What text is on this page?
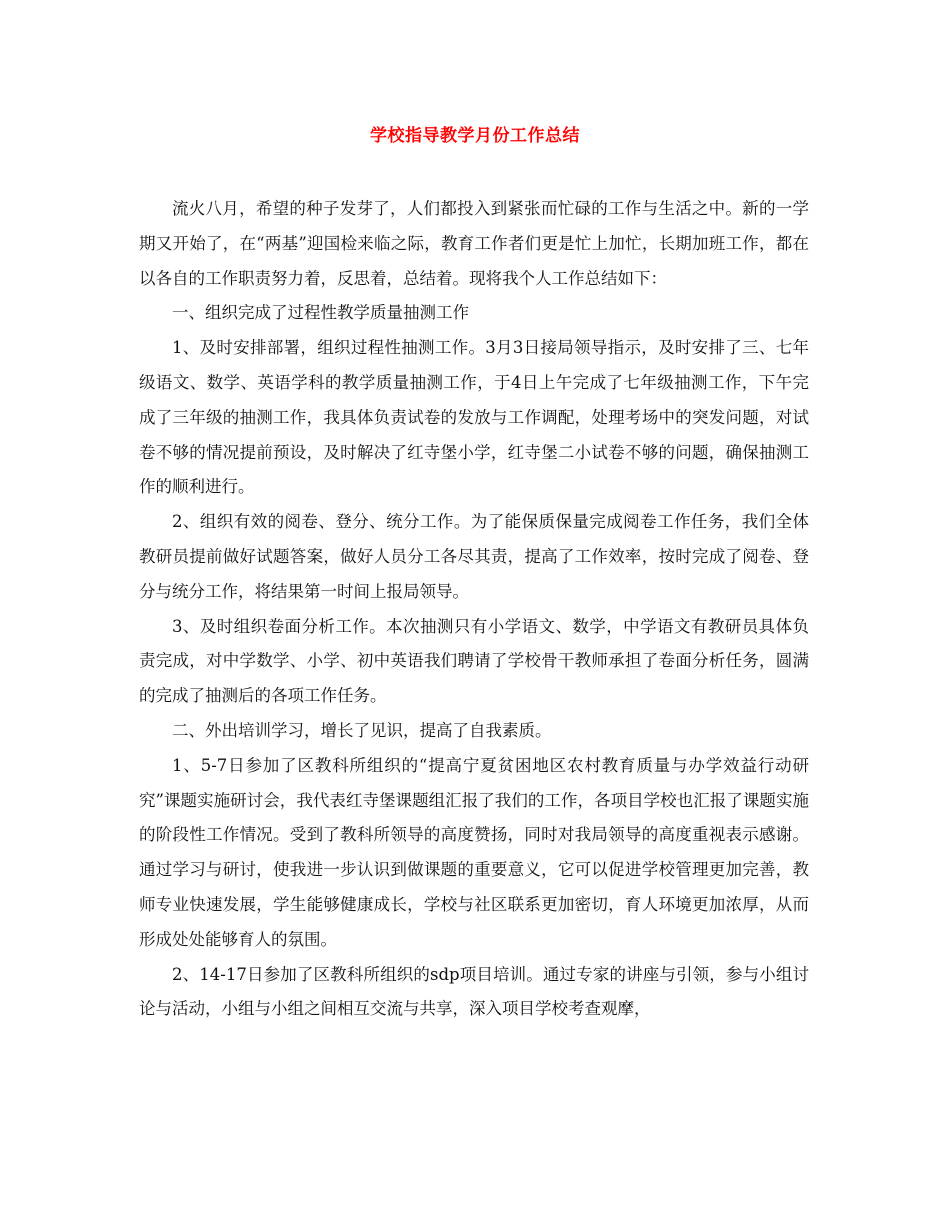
学校指导教学月份工作总结

流火八月，希望的种子发芽了，人们都投入到紧张而忙碌的工作与生活之中。新的一学期又开始了，在“两基”迎国检来临之际，教育工作者们更是忙上加忙，长期加班工作，都在以各自的工作职责努力着，反思着，总结着。现将我个人工作总结如下：

一、组织完成了过程性教学质量抽测工作

1、及时安排部署，组织过程性抽测工作。3月3日接局领导指示，及时安排了三、七年级语文、数学、英语学科的教学质量抽测工作，于4日上午完成了七年级抽测工作，下午完成了三年级的抽测工作，我具体负责试卷的发放与工作调配，处理考场中的突发问题，对试卷不够的情况提前预设，及时解决了红寺堡小学，红寺堡二小试卷不够的问题，确保抽测工作的顺利进行。

2、组织有效的阅卷、登分、统分工作。为了能保质保量完成阅卷工作任务，我们全体教研员提前做好试题答案，做好人员分工各尽其责，提高了工作效率，按时完成了阅卷、登分与统分工作，将结果第一时间上报局领导。

3、及时组织卷面分析工作。本次抽测只有小学语文、数学，中学语文有教研员具体负责完成，对中学数学、小学、初中英语我们聘请了学校骨干教师承担了卷面分析任务，圆满的完成了抽测后的各项工作任务。

二、外出培训学习，增长了见识，提高了自我素质。

1、5-7日参加了区教科所组织的“提高宁夏贫困地区农村教育质量与办学效益行动研究”课题实施研讨会，我代表红寺堡课题组汇报了我们的工作，各项目学校也汇报了课题实施的阶段性工作情况。受到了教科所领导的高度赞扬，同时对我局领导的高度重视表示感谢。通过学习与研讨，使我进一步认识到做课题的重要意义，它可以促进学校管理更加完善，教师专业快速发展，学生能够健康成长，学校与社区联系更加密切，育人环境更加浓厚，从而形成处处能够育人的氛围。

2、14-17日参加了区教科所组织的sdp项目培训。通过专家的讲座与引领，参与小组讨论与活动，小组与小组之间相互交流与共享，深入项目学校考查观摩，
